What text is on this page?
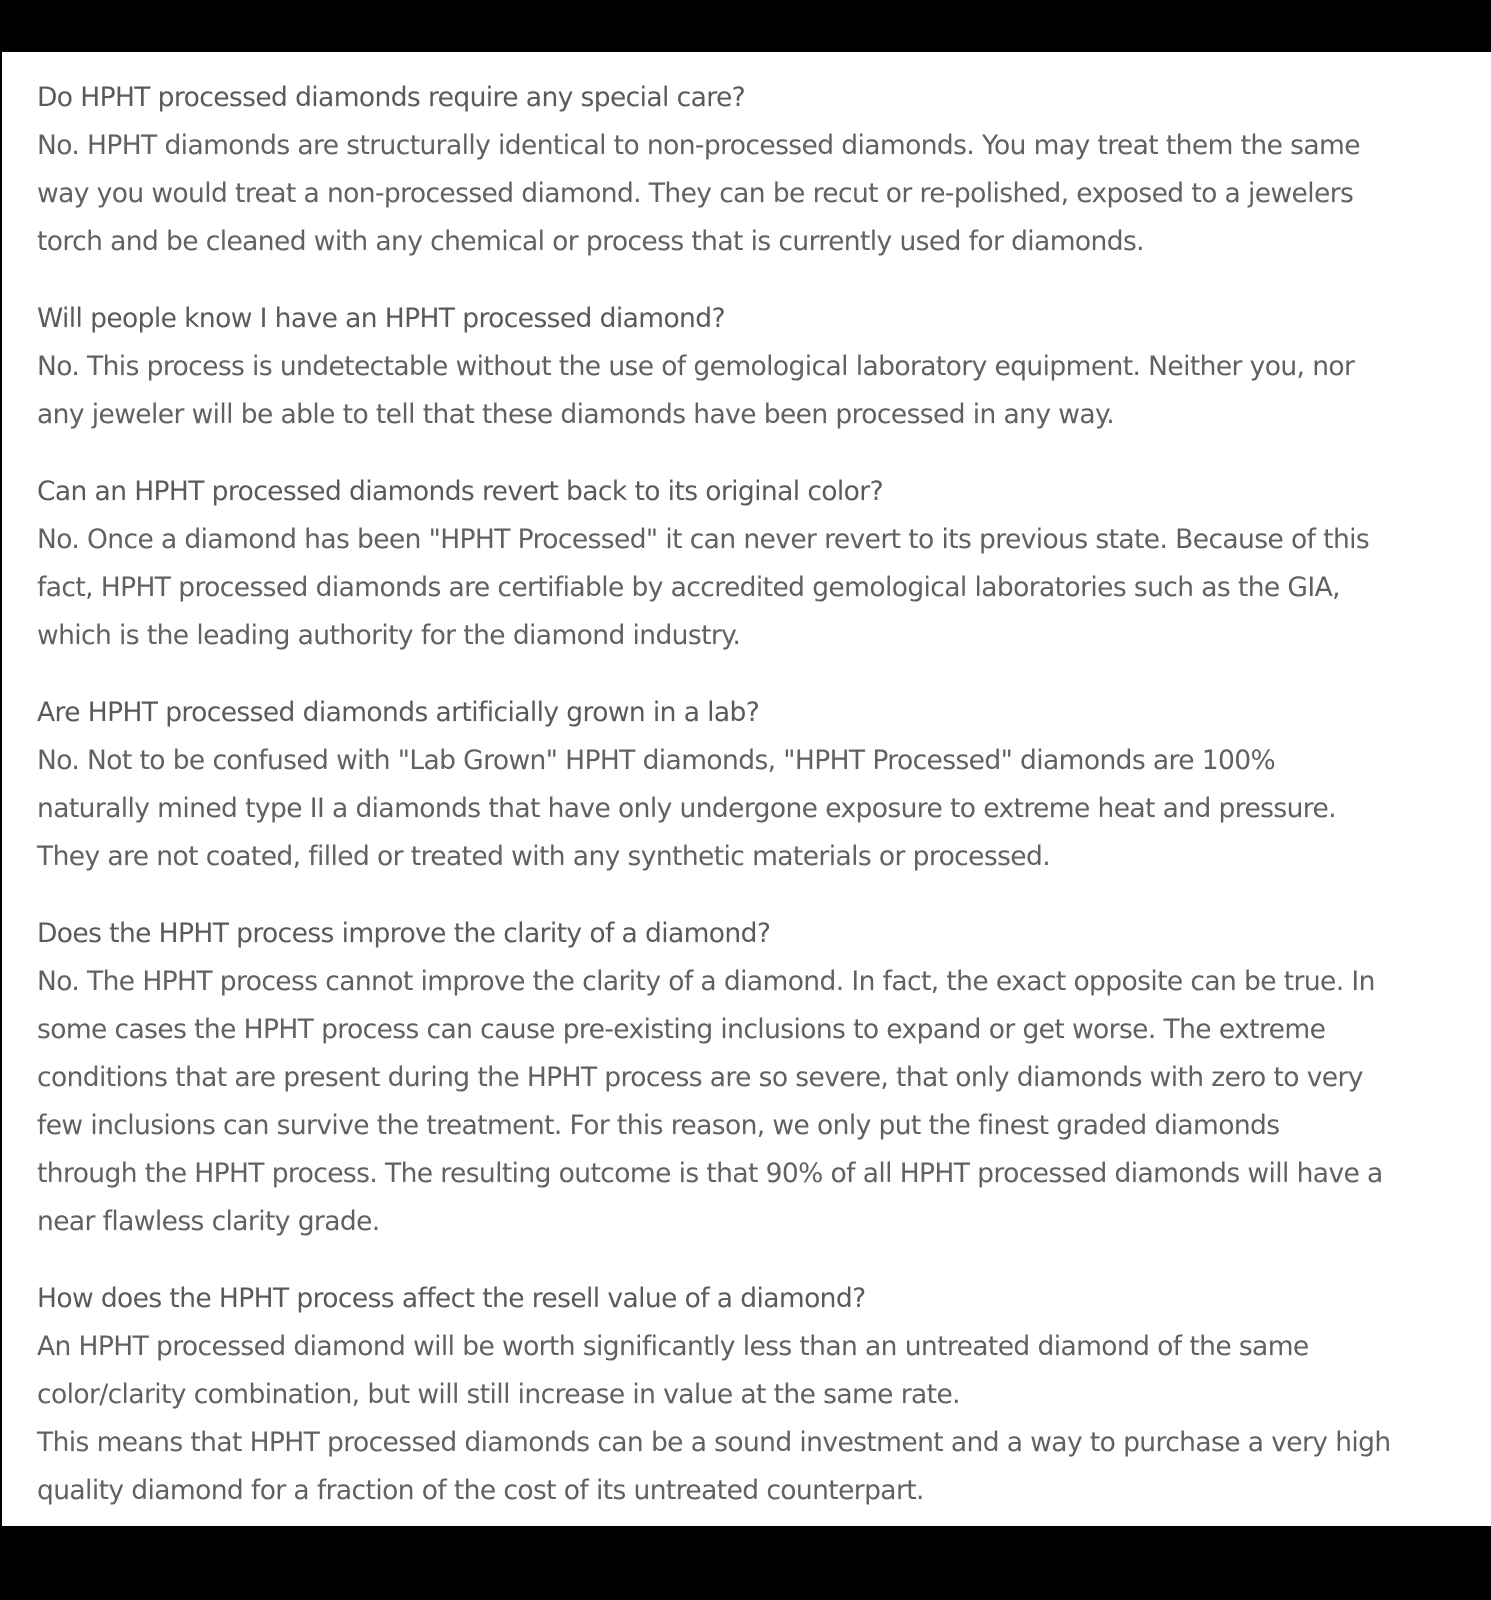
Do HPHT processed diamonds require any special care?

No. HPHT diamonds are structurally identical to non-processed diamonds. You may treat them the same
way you would treat a non-processed diamond. They can be recut or re-polished, exposed to a jewelers
torch and be cleaned with any chemical or process that is currently used for diamonds.

Will people know I have an HPHT processed diamond?

No. This process is undetectable without the use of gemological laboratory equipment. Neither you, nor
any jeweler will be able to tell that these diamonds have been processed in any way.

Can an HPHT processed diamonds revert back to its original color?

No. Once a diamond has been "HPHT Processed" it can never revert to its previous state. Because of this
fact, HPHT processed diamonds are certifiable by accredited gemological laboratories such as the GIA,
which is the leading authority for the diamond industry.

Are HPHT processed diamonds artificially grown in a lab?

No. Not to be confused with "Lab Grown" HPHT diamonds, "HPHT Processed" diamonds are 100%
naturally mined type II a diamonds that have only undergone exposure to extreme heat and pressure.
They are not coated, filled or treated with any synthetic materials or processed.

Does the HPHT process improve the clarity of a diamond?

No. The HPHT process cannot improve the clarity of a diamond. In fact, the exact opposite can be true. In
some cases the HPHT process can cause pre-existing inclusions to expand or get worse. The extreme
conditions that are present during the HPHT process are so severe, that only diamonds with zero to very
few inclusions can survive the treatment. For this reason, we only put the finest graded diamonds
through the HPHT process. The resulting outcome is that 90% of all HPHT processed diamonds will have a
near flawless clarity grade.

How does the HPHT process affect the resell value of a diamond?

An HPHT processed diamond will be worth significantly less than an untreated diamond of the same
color/clarity combination, but will still increase in value at the same rate.
This means that HPHT processed diamonds can be a sound investment and a way to purchase a very high
quality diamond for a fraction of the cost of its untreated counterpart.
